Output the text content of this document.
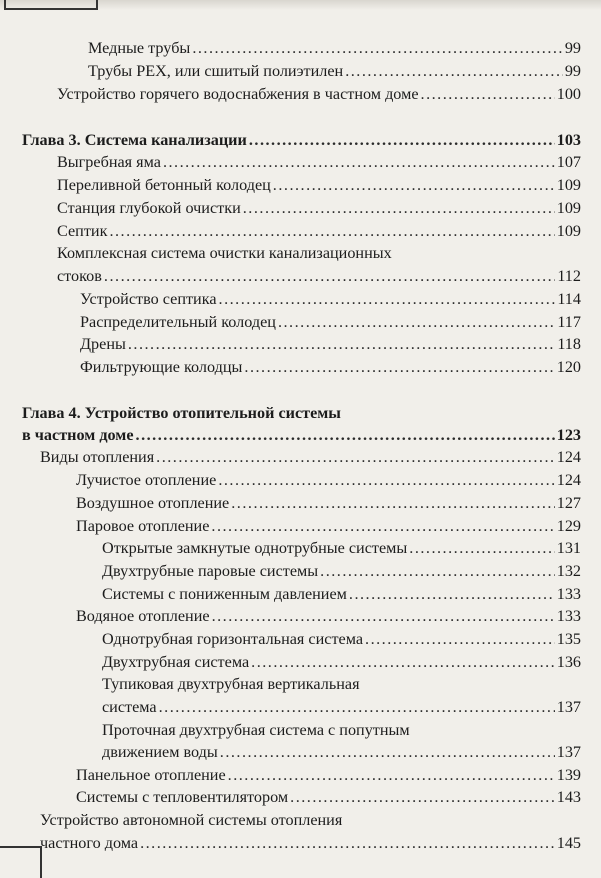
Медные трубы .....	99
Трубы PEX, или сшитый полиэтилен .....	99
Устройство горячего водоснабжения в частном доме .....	100
Глава 3. Система канализации .....	103
Выгребная яма .....	107
Переливной бетонный колодец .....	109
Станция глубокой очистки .....	109
Септик .....	109
Комплексная система очистки канализационных
стоков .....	112
Устройство септика .....	114
Распределительный колодец .....	117
Дрены .....	118
Фильтрующие колодцы .....	120
Глава 4. Устройство отопительной системы
в частном доме .....	123
Виды отопления .....	124
Лучистое отопление .....	124
Воздушное отопление .....	127
Паровое отопление .....	129
Открытые замкнутые однотрубные системы .....	131
Двухтрубные паровые системы .....	132
Системы с пониженным давлением .....	133
Водяное отопление .....	133
Однотрубная горизонтальная система .....	135
Двухтрубная система .....	136
Тупиковая двухтрубная вертикальная
система .....	137
Проточная двухтрубная система с попутным
движением воды .....	137
Панельное отопление .....	139
Системы с тепловентилятором .....	143
Устройство автономной системы отопления
частного дома .....	145
